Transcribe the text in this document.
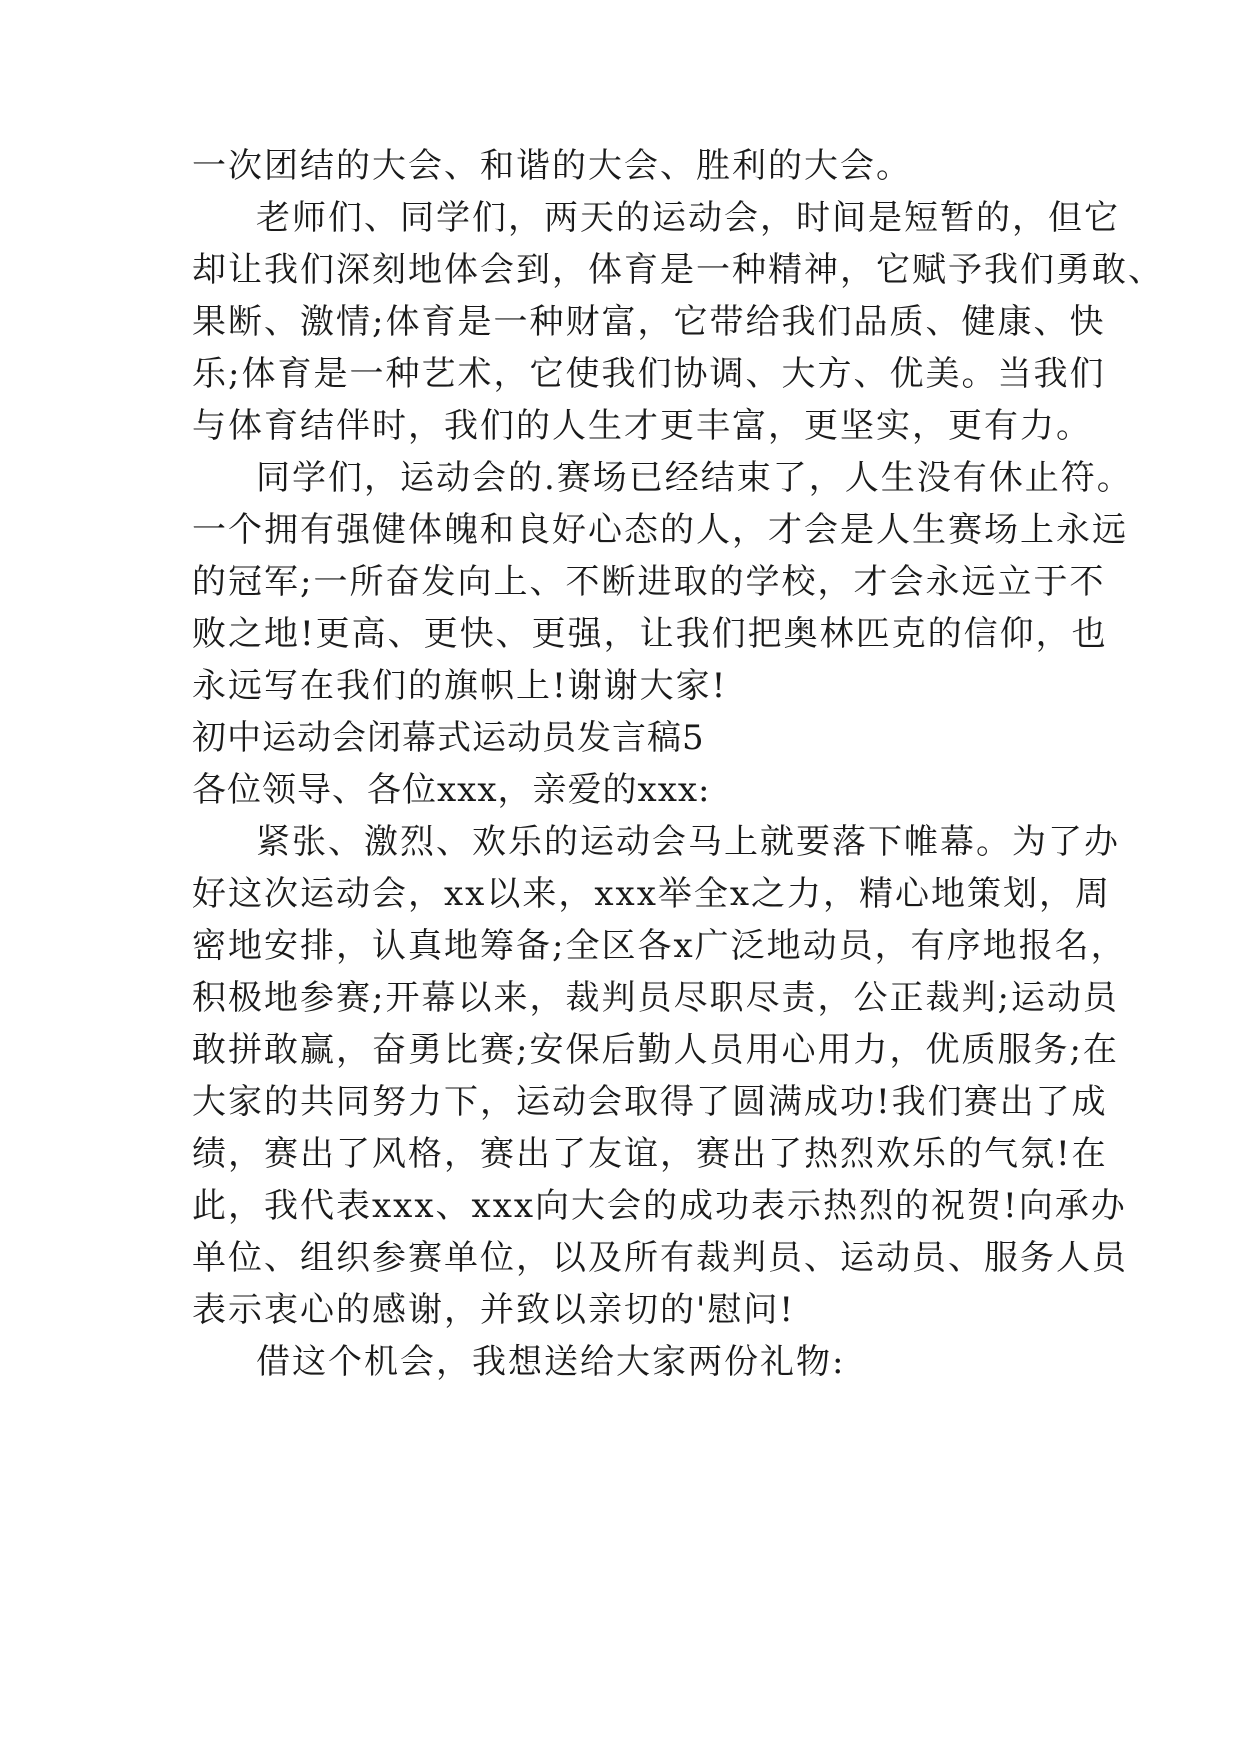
一次团结的大会、和谐的大会、胜利的大会。
老师们、同学们，两天的运动会，时间是短暂的，但它
却让我们深刻地体会到，体育是一种精神，它赋予我们勇敢、
果断、激情;体育是一种财富，它带给我们品质、健康、快
乐;体育是一种艺术，它使我们协调、大方、优美。当我们
与体育结伴时，我们的人生才更丰富，更坚实，更有力。
同学们，运动会的.赛场已经结束了，人生没有休止符。
一个拥有强健体魄和良好心态的人，才会是人生赛场上永远
的冠军;一所奋发向上、不断进取的学校，才会永远立于不
败之地!更高、更快、更强，让我们把奥林匹克的信仰，也
永远写在我们的旗帜上!谢谢大家!
初中运动会闭幕式运动员发言稿5
各位领导、各位xxx，亲爱的xxx:
紧张、激烈、欢乐的运动会马上就要落下帷幕。为了办
好这次运动会，xx以来，xxx举全x之力，精心地策划，周
密地安排，认真地筹备;全区各x广泛地动员，有序地报名，
积极地参赛;开幕以来，裁判员尽职尽责，公正裁判;运动员
敢拼敢赢，奋勇比赛;安保后勤人员用心用力，优质服务;在
大家的共同努力下，运动会取得了圆满成功!我们赛出了成
绩，赛出了风格，赛出了友谊，赛出了热烈欢乐的气氛!在
此，我代表xxx、xxx向大会的成功表示热烈的祝贺!向承办
单位、组织参赛单位，以及所有裁判员、运动员、服务人员
表示衷心的感谢，并致以亲切的'慰问!
借这个机会，我想送给大家两份礼物:
